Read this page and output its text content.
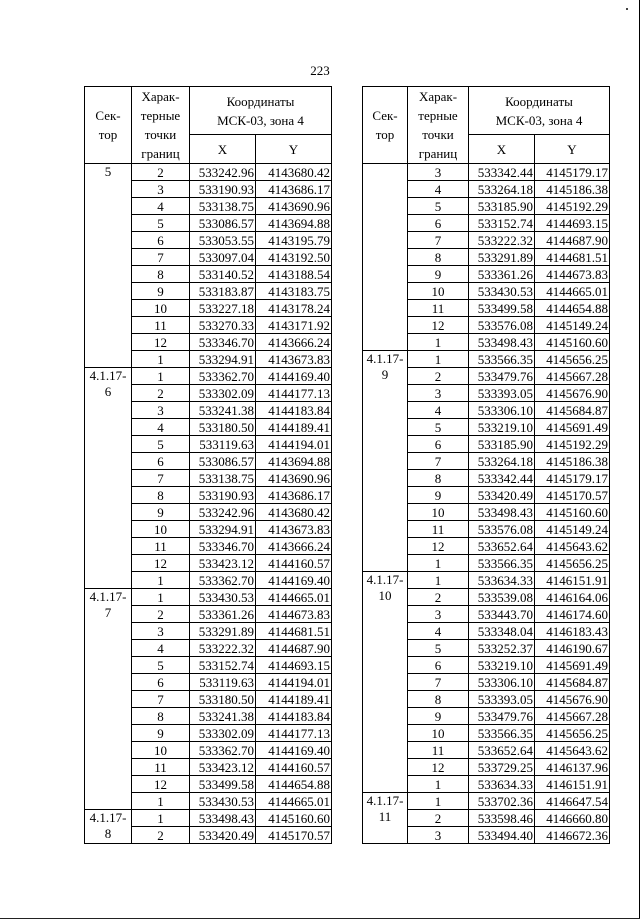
223
Сек-
тор	Харак-
терные
точки
границ	Координаты
МСК-03, зона 4	
		X	Y
5	2	533242.96	4143680.42
	3	533190.93	4143686.17
	4	533138.75	4143690.96
	5	533086.57	4143694.88
	6	533053.55	4143195.79
	7	533097.04	4143192.50
	8	533140.52	4143188.54
	9	533183.87	4143183.75
	10	533227.18	4143178.24
	11	533270.33	4143171.92
	12	533346.70	4143666.24
	1	533294.91	4143673.83
4.1.17-
6	1	533362.70	4144169.40
	2	533302.09	4144177.13
	3	533241.38	4144183.84
	4	533180.50	4144189.41
	5	533119.63	4144194.01
	6	533086.57	4143694.88
	7	533138.75	4143690.96
	8	533190.93	4143686.17
	9	533242.96	4143680.42
	10	533294.91	4143673.83
	11	533346.70	4143666.24
	12	533423.12	4144160.57
	1	533362.70	4144169.40
4.1.17-
7	1	533430.53	4144665.01
	2	533361.26	4144673.83
	3	533291.89	4144681.51
	4	533222.32	4144687.90
	5	533152.74	4144693.15
	6	533119.63	4144194.01
	7	533180.50	4144189.41
	8	533241.38	4144183.84
	9	533302.09	4144177.13
	10	533362.70	4144169.40
	11	533423.12	4144160.57
	12	533499.58	4144654.88
	1	533430.53	4144665.01
4.1.17-
8	1	533498.43	4145160.60
	2	533420.49	4145170.57
Сек-
тор	Харак-
терные
точки
границ	Координаты
МСК-03, зона 4	
		X	Y
	3	533342.44	4145179.17
	4	533264.18	4145186.38
	5	533185.90	4145192.29
	6	533152.74	4144693.15
	7	533222.32	4144687.90
	8	533291.89	4144681.51
	9	533361.26	4144673.83
	10	533430.53	4144665.01
	11	533499.58	4144654.88
	12	533576.08	4145149.24
	1	533498.43	4145160.60
4.1.17-
9	1	533566.35	4145656.25
	2	533479.76	4145667.28
	3	533393.05	4145676.90
	4	533306.10	4145684.87
	5	533219.10	4145691.49
	6	533185.90	4145192.29
	7	533264.18	4145186.38
	8	533342.44	4145179.17
	9	533420.49	4145170.57
	10	533498.43	4145160.60
	11	533576.08	4145149.24
	12	533652.64	4145643.62
	1	533566.35	4145656.25
4.1.17-
10	1	533634.33	4146151.91
	2	533539.08	4146164.06
	3	533443.70	4146174.60
	4	533348.04	4146183.43
	5	533252.37	4146190.67
	6	533219.10	4145691.49
	7	533306.10	4145684.87
	8	533393.05	4145676.90
	9	533479.76	4145667.28
	10	533566.35	4145656.25
	11	533652.64	4145643.62
	12	533729.25	4146137.96
	1	533634.33	4146151.91
4.1.17-
11	1	533702.36	4146647.54
	2	533598.46	4146660.80
	3	533494.40	4146672.36
